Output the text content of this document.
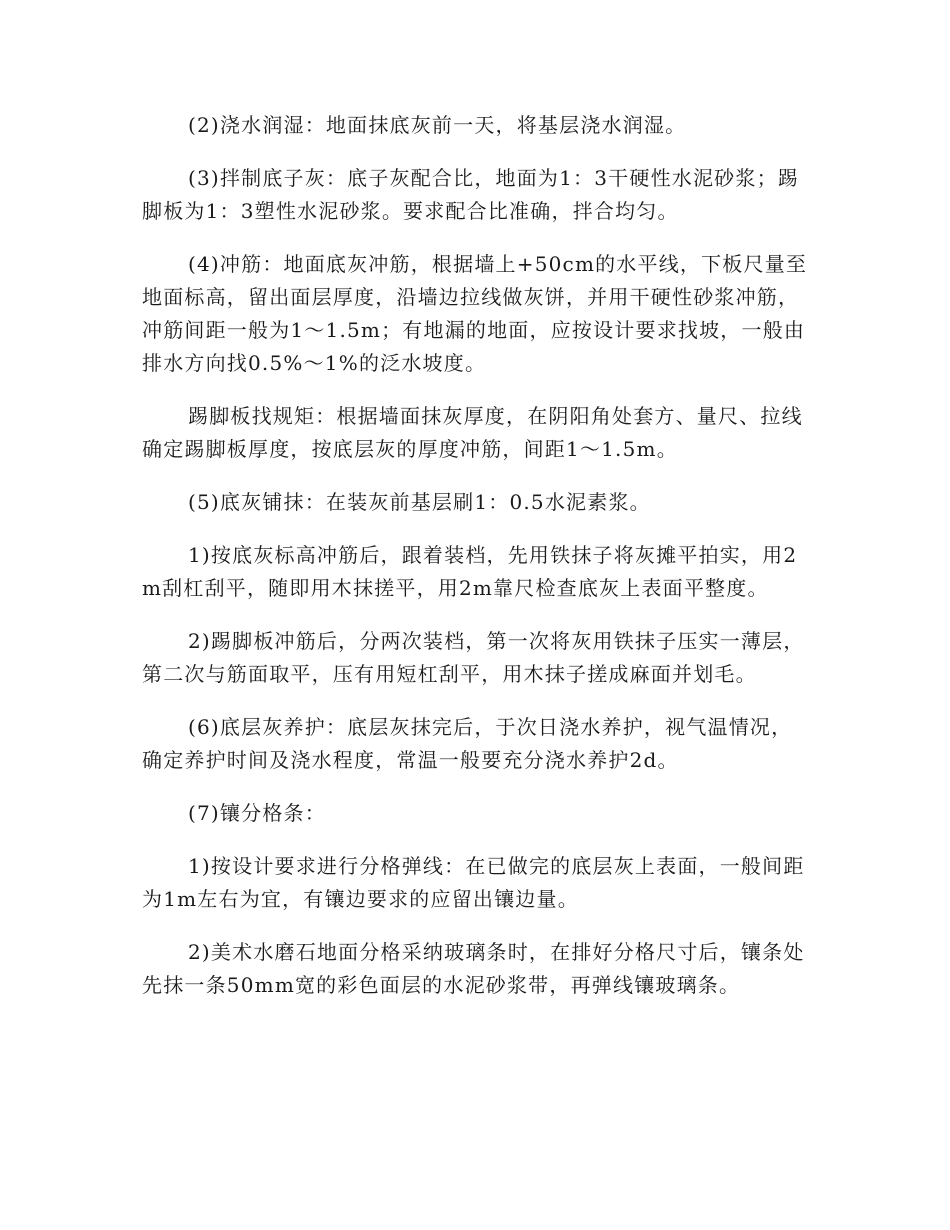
(2)浇水润湿：地面抹底灰前一天，将基层浇水润湿。

(3)拌制底子灰：底子灰配合比，地面为1：3干硬性水泥砂浆；踢脚板为1：3塑性水泥砂浆。要求配合比准确，拌合均匀。

(4)冲筋：地面底灰冲筋，根据墙上+50cm的水平线，下板尺量至地面标高，留出面层厚度，沿墙边拉线做灰饼，并用干硬性砂浆冲筋，冲筋间距一般为1～1.5m；有地漏的地面，应按设计要求找坡，一般由排水方向找0.5%～1%的泛水坡度。

踢脚板找规矩：根据墙面抹灰厚度，在阴阳角处套方、量尺、拉线确定踢脚板厚度，按底层灰的厚度冲筋，间距1～1.5m。

(5)底灰铺抹：在装灰前基层刷1：0.5水泥素浆。

1)按底灰标高冲筋后，跟着装档，先用铁抹子将灰摊平拍实，用2m刮杠刮平，随即用木抹搓平，用2m靠尺检查底灰上表面平整度。

2)踢脚板冲筋后，分两次装档，第一次将灰用铁抹子压实一薄层，第二次与筋面取平，压有用短杠刮平，用木抹子搓成麻面并划毛。

(6)底层灰养护：底层灰抹完后，于次日浇水养护，视气温情况，确定养护时间及浇水程度，常温一般要充分浇水养护2d。

(7)镶分格条：

1)按设计要求进行分格弹线：在已做完的底层灰上表面，一般间距为1m左右为宜，有镶边要求的应留出镶边量。

2)美术水磨石地面分格采纳玻璃条时，在排好分格尺寸后，镶条处先抹一条50mm宽的彩色面层的水泥砂浆带，再弹线镶玻璃条。
